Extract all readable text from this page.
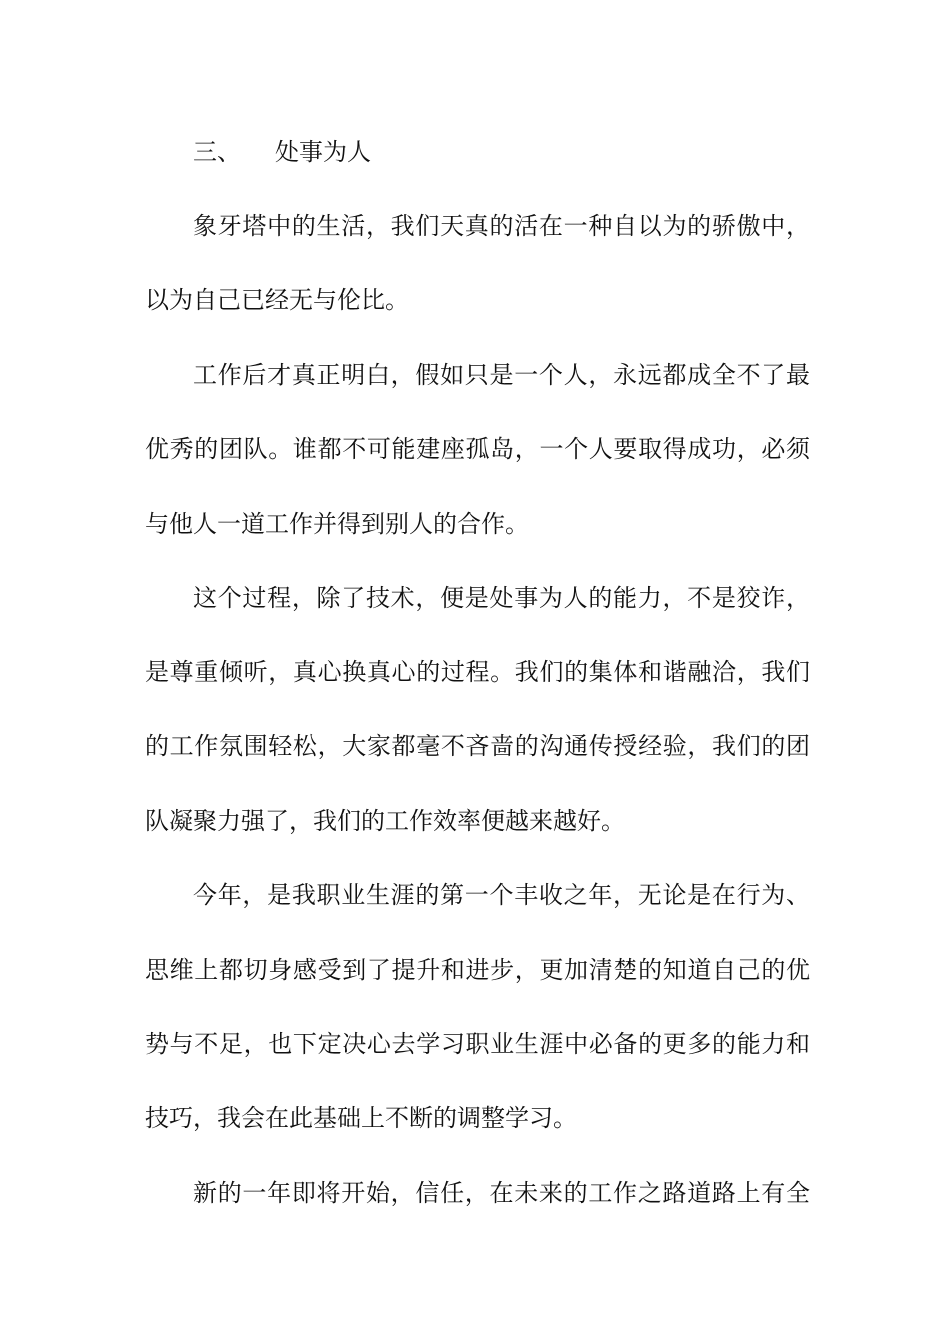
三、 处事为人
象牙塔中的生活，我们天真的活在一种自以为的骄傲中，
以为自己已经无与伦比。
工作后才真正明白，假如只是一个人，永远都成全不了最
优秀的团队。谁都不可能建座孤岛，一个人要取得成功，必须
与他人一道工作并得到别人的合作。
这个过程，除了技术，便是处事为人的能力，不是狡诈，
是尊重倾听，真心换真心的过程。我们的集体和谐融洽，我们
的工作氛围轻松，大家都毫不吝啬的沟通传授经验，我们的团
队凝聚力强了，我们的工作效率便越来越好。
今年，是我职业生涯的第一个丰收之年，无论是在行为、
思维上都切身感受到了提升和进步，更加清楚的知道自己的优
势与不足，也下定决心去学习职业生涯中必备的更多的能力和
技巧，我会在此基础上不断的调整学习。
新的一年即将开始，信任，在未来的工作之路道路上有全
